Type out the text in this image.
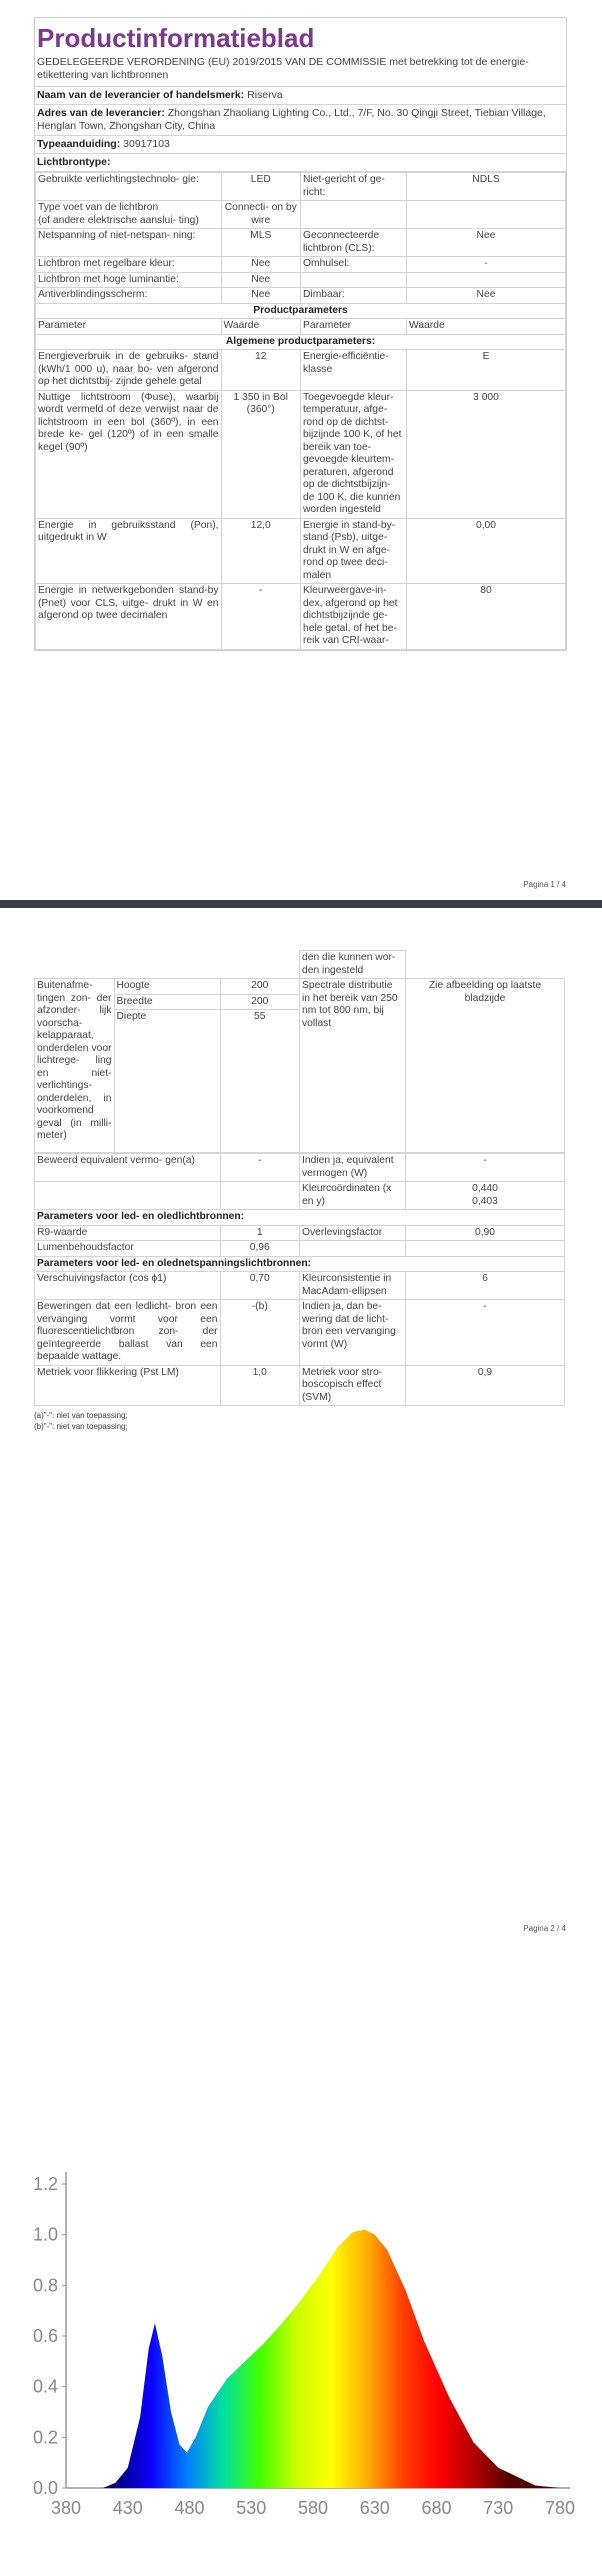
Productinformatieblad
GEDELEGEERDE VERORDENING (EU) 2019/2015 VAN DE COMMISSIE met betrekking tot de energie-etikettering van lichtbronnen
Naam van de leverancier of handelsmerk: Riserva
Adres van de leverancier: Zhongshan Zhaoliang Lighting Co., Ltd., 7/F, No. 30 Qingji Street, Tiebian Village, Henglan Town, Zhongshan City, China
Typeaanduiding: 30917103
Lichtbrontype:
Gebruikte verlichtingstechnolo- gie:	LED	Niet-gericht of ge- richt:	NDLS
Type voet van de lichtbron
(of andere elektrische aanslui- ting)	Connecti- on by wire		
Netspanning of niet-netspan- ning:	MLS	Geconnecteerde lichtbron (CLS):	Nee
Lichtbron met regelbare kleur:	Nee	Omhulsel:	-
Lichtbron met hoge luminantie:	Nee		
Antiverblindingsscherm:	Nee	Dimbaar:	Nee
Productparameters			
Parameter	Waarde	Parameter	Waarde
Algemene productparameters:			
Energieverbruik in de gebruiks- stand (kWh/1 000 u), naar bo- ven afgerond op het dichtstbij- zijnde gehele getal	12	Energie-efficiëntie- klasse	E
Nuttige lichtstroom (Φuse), waarbij wordt vermeld of deze verwijst naar de lichtstroom in een bol (360º), in een brede ke- gel (120º) of in een smalle kegel (90º)	1 350 in Bol (360°)	Toegevoegde kleur- temperatuur, afge- rond op de dichtst- bijzijnde 100 K, of het bereik van toe- gevoegde kleurtem- peraturen, afgerond op de dichtstbijzijn- de 100 K, die kunnen worden ingesteld	3 000
Energie in gebruiksstand (Pon), uitgedrukt in W	12,0	Energie in stand-by- stand (Psb), uitge- drukt in W en afge- rond op twee deci- malen	0,00
Energie in netwerkgebonden stand-by (Pnet) voor CLS, uitge- drukt in W en afgerond op twee decimalen	-	Kleurweergave-in- dex, afgerond op het dichtstbijzijnde ge- hele getal, of het be- reik van CRI-waar-	80
Pagina 1 / 4
			den die kunnen wor- den ingesteld	
Buitenafme- tingen zon- der afzonder- lijk voorscha- kelapparaat, onderdelen voor lichtrege- ling en niet- verlichtings- onderdelen, in voorkomend geval (in milli- meter)	Hoogte	200	Spectrale distributie in het bereik van 250 nm tot 800 nm, bij vollast	Zie afbeelding op laatste bladzijde
	Breedte	200		
	Diepte	55		
Beweerd equivalent vermo- gen(a)	-	Indien ja, equivalent vermogen (W)	-
		Kleurcoördinaten (x en y)	0,440
0,403
Parameters voor led- en oledlichtbronnen:			
R9-waarde	1	Overlevingsfactor	0,90
Lumenbehoudsfactor	0,96		
Parameters voor led- en olednetspanningslichtbronnen:			
Verschuivingsfactor (cos ϕ1)	0,70	Kleurconsistentie in MacAdam-ellipsen	6
Beweringen dat een ledlicht- bron een vervanging vormt voor een fluorescentielichtbron zon- der geïntegreerde ballast van een bepaalde wattage.	-(b)	Indien ja, dan be- wering dat de licht- bron een vervanging vormt (W)	-
Metriek voor flikkering (Pst LM)	1,0	Metriek voor stro- boscopisch effect (SVM)	0,9
(a)"-": niet van toepassing;
(b)"-": niet van toepassing;
Pagina 2 / 4
0.0
0.2
0.4
0.6
0.8
1.0
1.2
380 430 480 530 580 630 680 730 780
